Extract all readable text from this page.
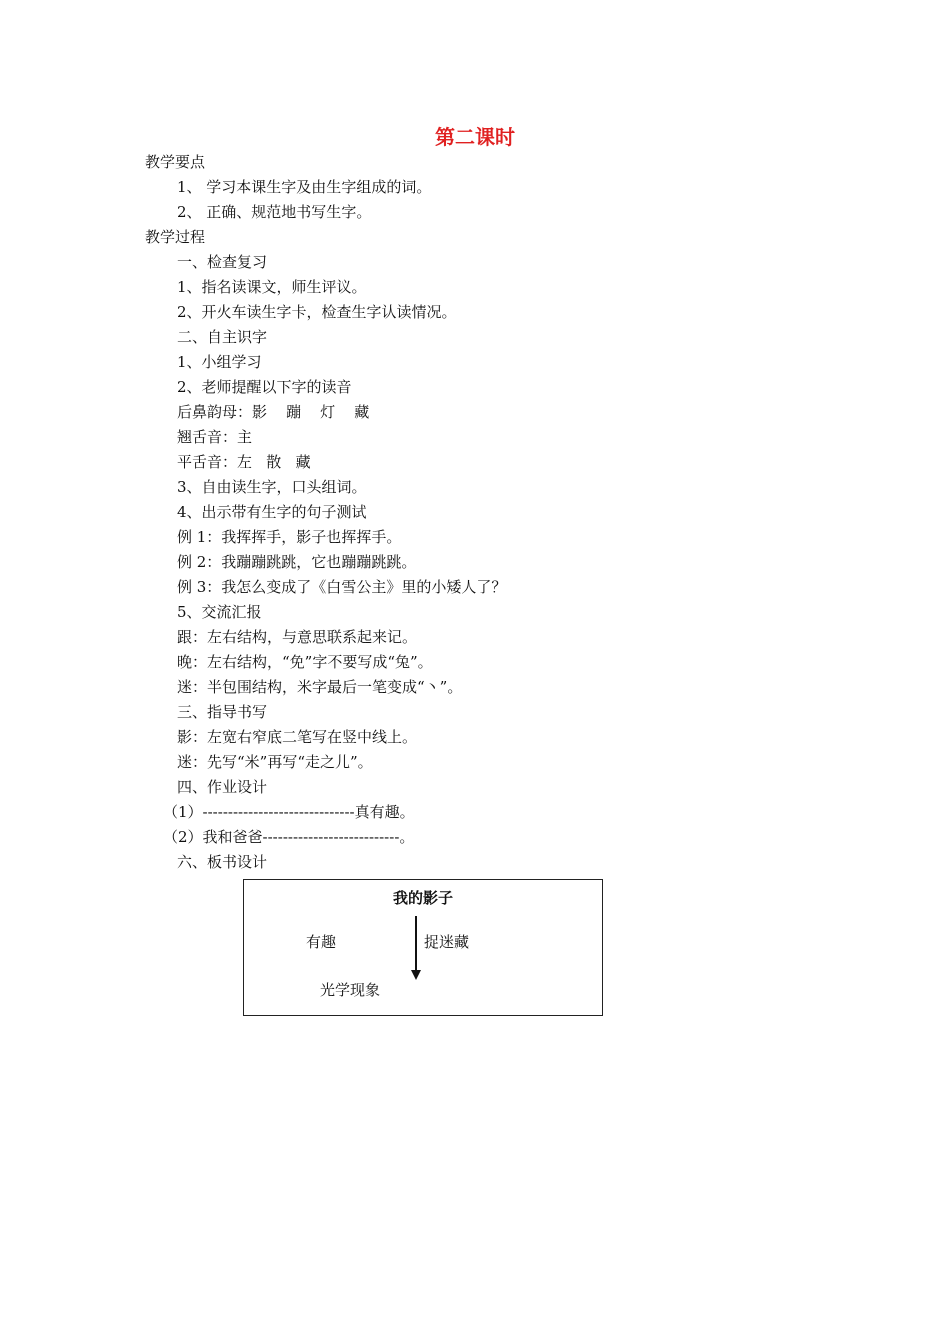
第二课时
教学要点
1、 学习本课生字及由生字组成的词。
2、 正确、规范地书写生字。
教学过程
一、检查复习
1、指名读课文，师生评议。
2、开火车读生字卡，检查生字认读情况。
二、自主识字
1、小组学习
2、老师提醒以下字的读音
后鼻韵母：影    蹦    灯    藏
翘舌音：主
平舌音：左   散   藏
3、自由读生字，口头组词。
4、出示带有生字的句子测试
例 1：我挥挥手，影子也挥挥手。
例 2：我蹦蹦跳跳，它也蹦蹦跳跳。
例 3：我怎么变成了《白雪公主》里的小矮人了？
5、交流汇报
跟：左右结构，与意思联系起来记。
晚：左右结构，“免”字不要写成“兔”。
迷：半包围结构，米字最后一笔变成“丶”。
三、指导书写
影：左宽右窄底二笔写在竖中线上。
迷：先写“米”再写“走之儿”。
四、作业设计
（1）------------------------------真有趣。
（2）我和爸爸---------------------------。
六、板书设计
我的影子
有趣	捉迷藏
光学现象
